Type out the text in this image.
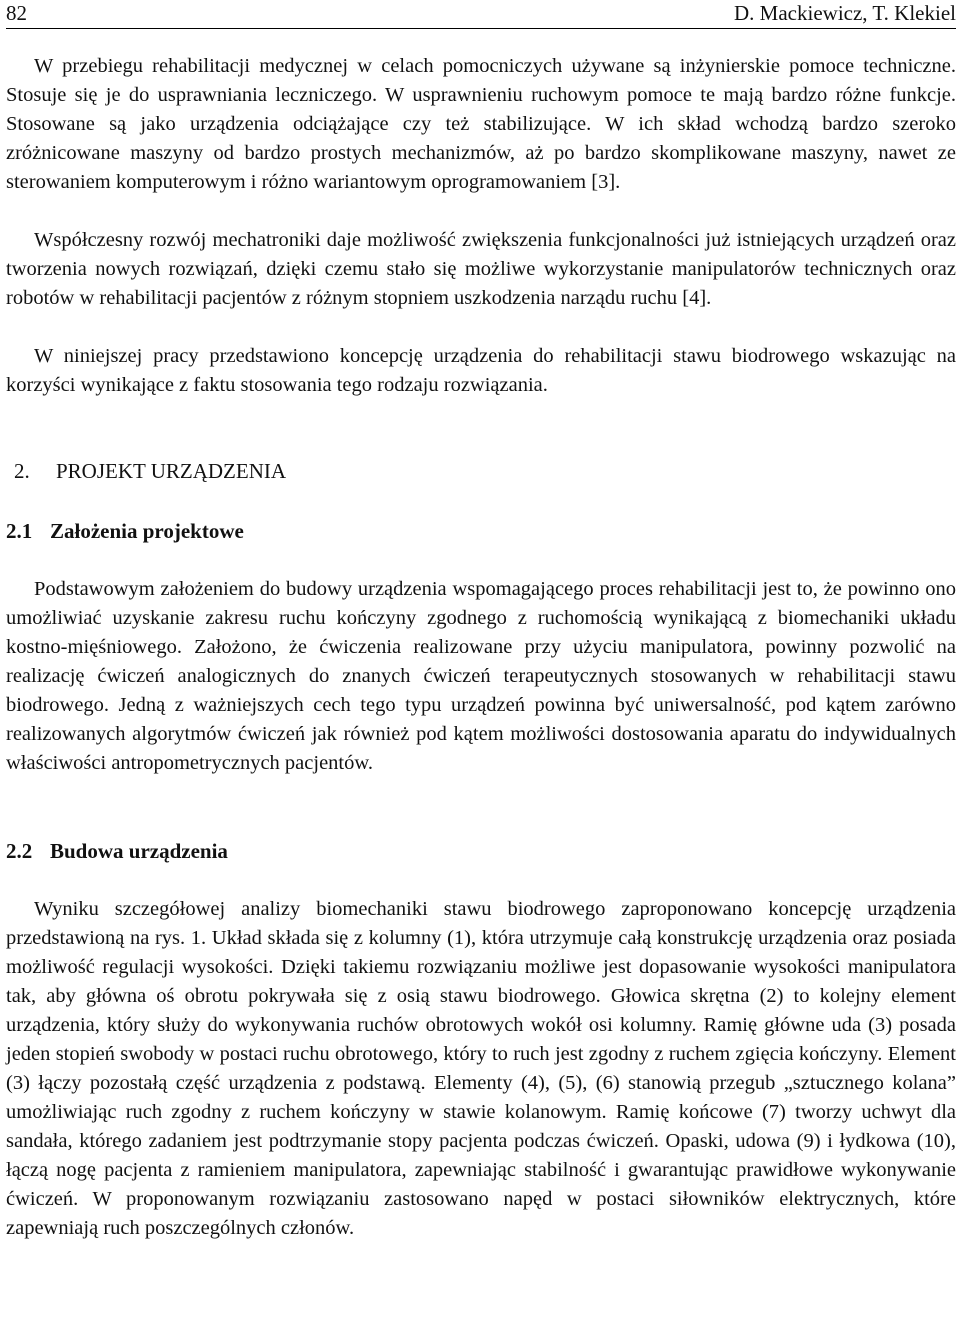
82	D. Mackiewicz, T. Klekiel

W przebiegu rehabilitacji medycznej w celach pomocniczych używane są inżynierskie pomoce techniczne. Stosuje się je do usprawniania leczniczego. W usprawnieniu ruchowym pomoce te mają bardzo różne funkcje. Stosowane są jako urządzenia odciążające czy też stabilizujące. W ich skład wchodzą bardzo szeroko zróżnicowane maszyny od bardzo prostych mechanizmów, aż po bardzo skomplikowane maszyny, nawet ze sterowaniem komputerowym i różno wariantowym oprogramowaniem [3].

Współczesny rozwój mechatroniki daje możliwość zwiększenia funkcjonalności już istniejących urządzeń oraz tworzenia nowych rozwiązań, dzięki czemu stało się możliwe wykorzystanie manipulatorów technicznych oraz robotów w rehabilitacji pacjentów z różnym stopniem uszkodzenia narządu ruchu [4].

W niniejszej pracy przedstawiono koncepcję urządzenia do rehabilitacji stawu biodrowego wskazując na korzyści wynikające z faktu stosowania tego rodzaju rozwiązania.

2. PROJEKT URZĄDZENIA
2.1 Założenia projektowe

Podstawowym założeniem do budowy urządzenia wspomagającego proces rehabilitacji jest to, że powinno ono umożliwiać uzyskanie zakresu ruchu kończyny zgodnego z ruchomością wynikającą z biomechaniki układu kostno-mięśniowego. Założono, że ćwiczenia realizowane przy użyciu manipulatora, powinny pozwolić na realizację ćwiczeń analogicznych do znanych ćwiczeń terapeutycznych stosowanych w rehabilitacji stawu biodrowego. Jedną z ważniejszych cech tego typu urządzeń powinna być uniwersalność, pod kątem zarówno realizowanych algorytmów ćwiczeń jak również pod kątem możliwości dostosowania aparatu do indywidualnych właściwości antropometrycznych pacjentów.

2.2 Budowa urządzenia

Wyniku szczegółowej analizy biomechaniki stawu biodrowego zaproponowano koncepcję urządzenia przedstawioną na rys. 1. Układ składa się z kolumny (1), która utrzymuje całą konstrukcję urządzenia oraz posiada możliwość regulacji wysokości. Dzięki takiemu rozwiązaniu możliwe jest dopasowanie wysokości manipulatora tak, aby główna oś obrotu pokrywała się z osią stawu biodrowego. Głowica skrętna (2) to kolejny element urządzenia, który służy do wykonywania ruchów obrotowych wokół osi kolumny. Ramię główne uda (3) posada jeden stopień swobody w postaci ruchu obrotowego, który to ruch jest zgodny z ruchem zgięcia kończyny. Element (3) łączy pozostałą część urządzenia z podstawą. Elementy (4), (5), (6) stanowią przegub „sztucznego kolana” umożliwiając ruch zgodny z ruchem kończyny w stawie kolanowym. Ramię końcowe (7) tworzy uchwyt dla sandała, którego zadaniem jest podtrzymanie stopy pacjenta podczas ćwiczeń. Opaski, udowa (9) i łydkowa (10), łączą nogę pacjenta z ramieniem manipulatora, zapewniając stabilność i gwarantując prawidłowe wykonywanie ćwiczeń. W proponowanym rozwiązaniu zastosowano napęd w postaci siłowników elektrycznych, które zapewniają ruch poszczególnych członów.
